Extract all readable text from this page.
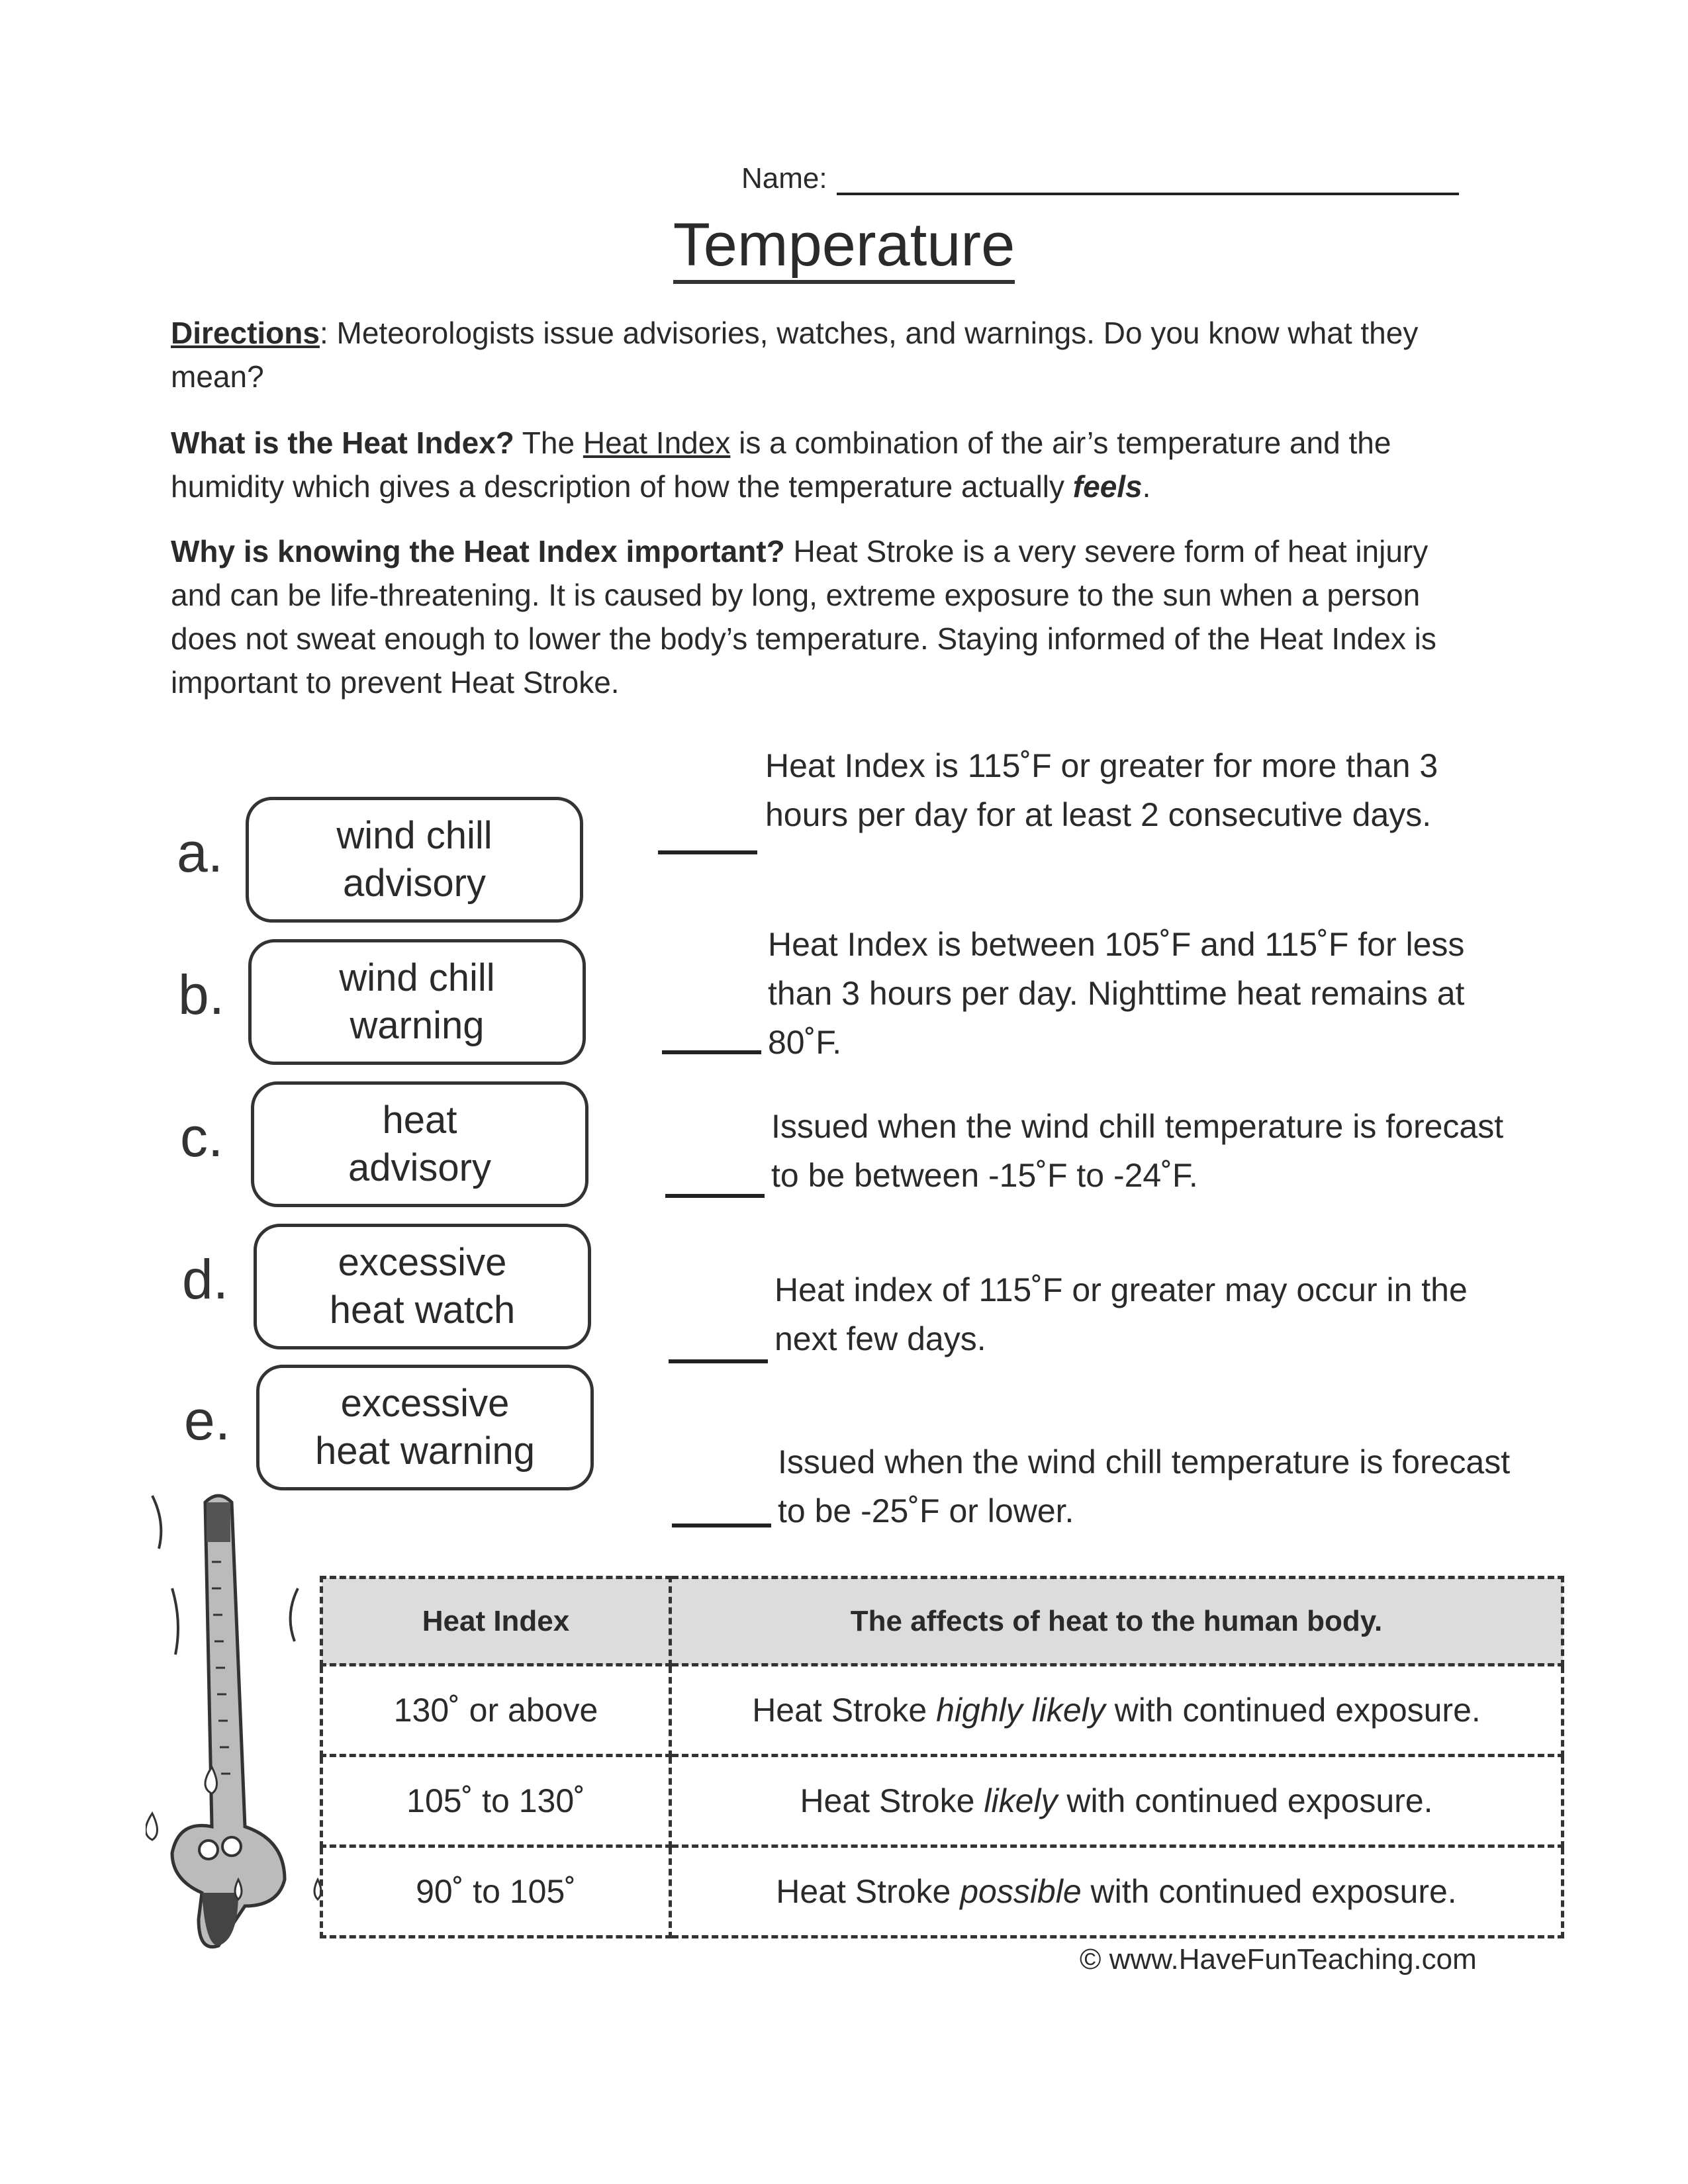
Name:
Temperature
Directions: Meteorologists issue advisories, watches, and warnings. Do you know what they mean?
What is the Heat Index? The Heat Index is a combination of the air’s temperature and the humidity which gives a description of how the temperature actually feels.
Why is knowing the Heat Index important? Heat Stroke is a very severe form of heat injury and can be life-threatening. It is caused by long, extreme exposure to the sun when a person does not sweat enough to lower the body’s temperature. Staying informed of the Heat Index is important to prevent Heat Stroke.
a.	wind chill
advisory
b.	wind chill
warning
c.	heat
advisory
d.	excessive
heat watch
e.	excessive
heat warning
Heat Index is 115˚F or greater for more than 3 hours per day for at least 2 consecutive days.
Heat Index is between 105˚F and 115˚F for less than 3 hours per day. Nighttime heat remains at 80˚F.
Issued when the wind chill temperature is forecast to be between -15˚F to -24˚F.
Heat index of 115˚F or greater may occur in the next few days.
Issued when the wind chill temperature is forecast to be -25˚F or lower.
Heat Index	The affects of heat to the human body.
130˚ or above	Heat Stroke highly likely with continued exposure.
105˚ to 130˚	Heat Stroke likely with continued exposure.
90˚ to 105˚	Heat Stroke possible with continued exposure.
© www.HaveFunTeaching.com
